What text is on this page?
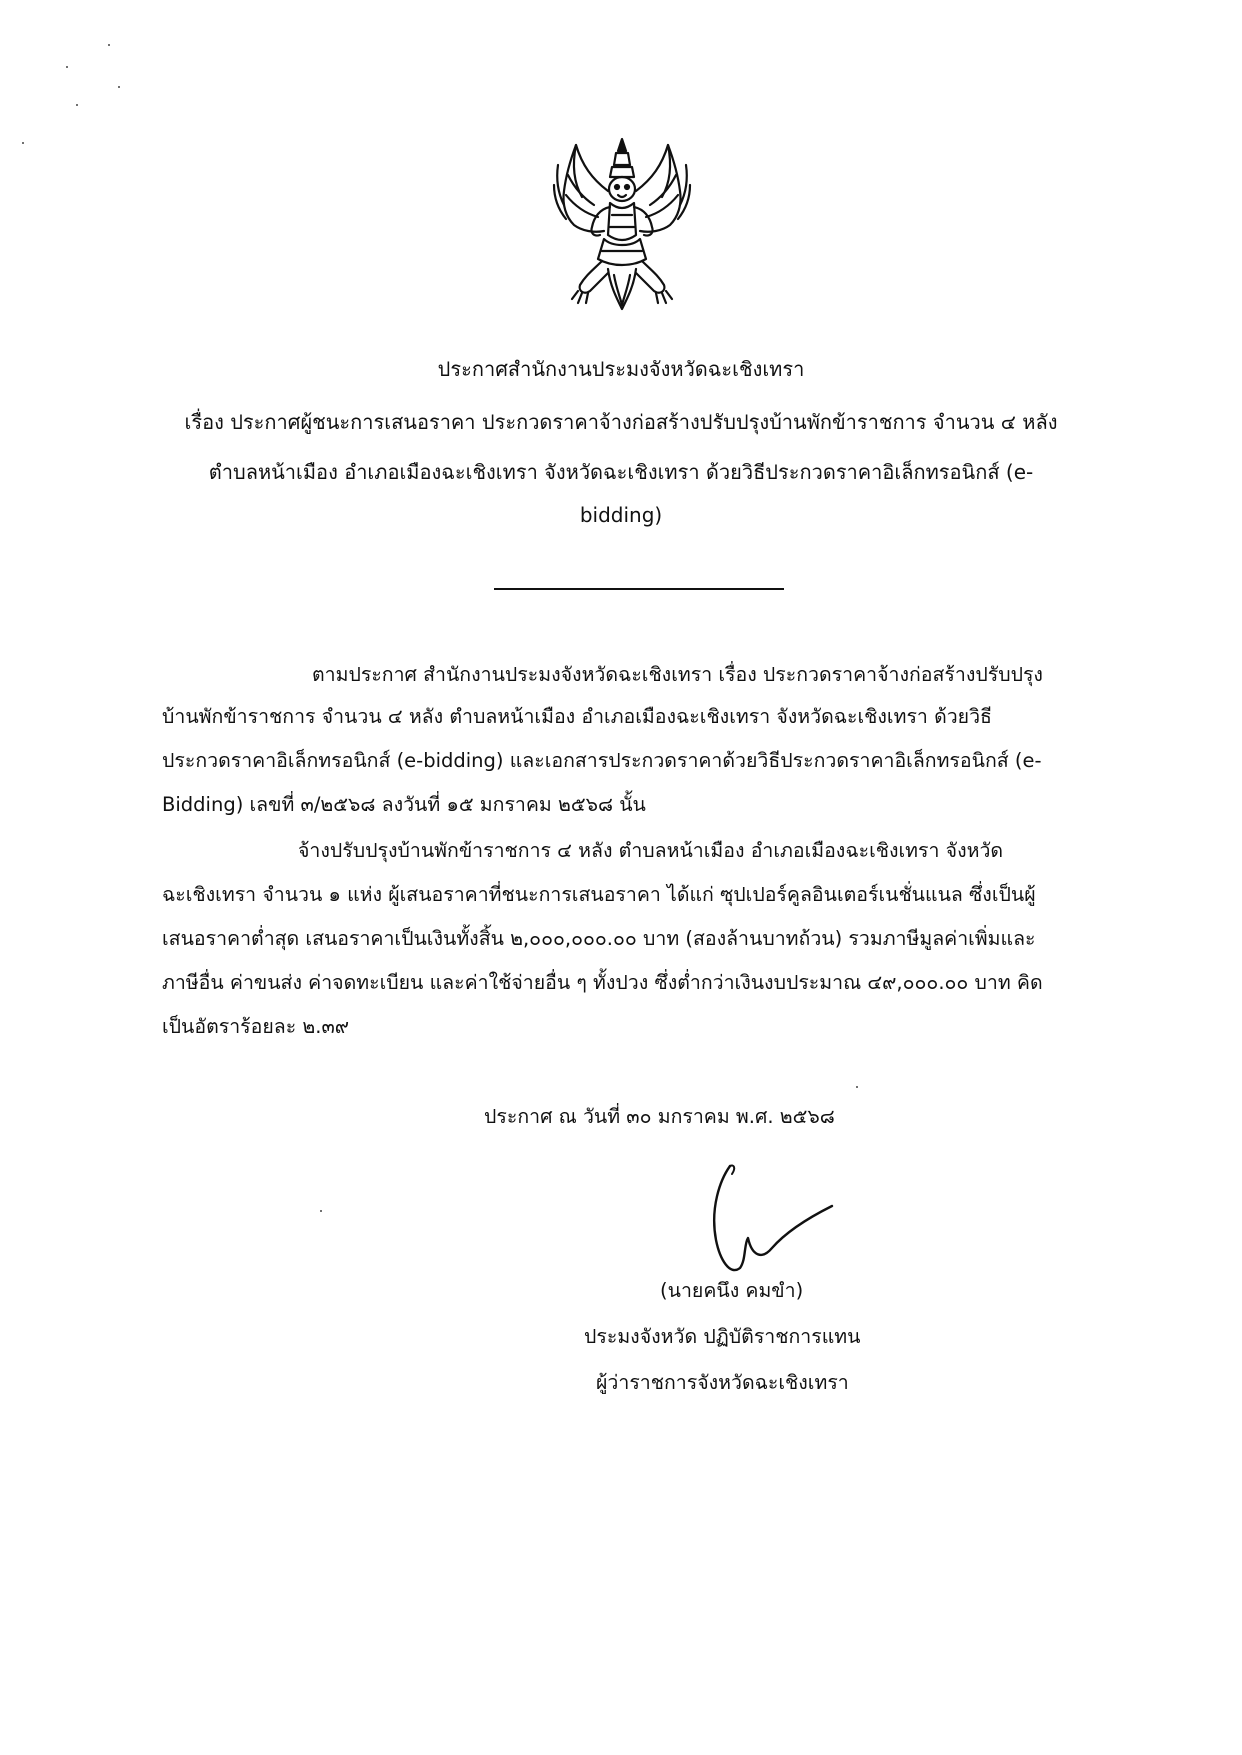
ประกาศสำนักงานประมงจังหวัดฉะเชิงเทรา
เรื่อง ประกาศผู้ชนะการเสนอราคา ประกวดราคาจ้างก่อสร้างปรับปรุงบ้านพักข้าราชการ จำนวน ๔ หลัง
ตำบลหน้าเมือง อำเภอเมืองฉะเชิงเทรา จังหวัดฉะเชิงเทรา ด้วยวิธีประกวดราคาอิเล็กทรอนิกส์ (e-
bidding)
ตามประกาศ สำนักงานประมงจังหวัดฉะเชิงเทรา เรื่อง ประกวดราคาจ้างก่อสร้างปรับปรุง
บ้านพักข้าราชการ จำนวน ๔ หลัง ตำบลหน้าเมือง อำเภอเมืองฉะเชิงเทรา จังหวัดฉะเชิงเทรา ด้วยวิธี
ประกวดราคาอิเล็กทรอนิกส์ (e-bidding) และเอกสารประกวดราคาด้วยวิธีประกวดราคาอิเล็กทรอนิกส์ (e-
Bidding) เลขที่ ๓/๒๕๖๘ ลงวันที่ ๑๕ มกราคม ๒๕๖๘ นั้น
จ้างปรับปรุงบ้านพักข้าราชการ ๔ หลัง ตำบลหน้าเมือง อำเภอเมืองฉะเชิงเทรา จังหวัด
ฉะเชิงเทรา จำนวน ๑ แห่ง ผู้เสนอราคาที่ชนะการเสนอราคา ได้แก่ ซุปเปอร์คูลอินเตอร์เนชั่นแนล ซึ่งเป็นผู้
เสนอราคาต่ำสุด เสนอราคาเป็นเงินทั้งสิ้น ๒,๐๐๐,๐๐๐.๐๐ บาท (สองล้านบาทถ้วน) รวมภาษีมูลค่าเพิ่มและ
ภาษีอื่น ค่าขนส่ง ค่าจดทะเบียน และค่าใช้จ่ายอื่น ๆ ทั้งปวง ซึ่งต่ำกว่าเงินงบประมาณ ๔๙,๐๐๐.๐๐ บาท คิด
เป็นอัตราร้อยละ ๒.๓๙
ประกาศ ณ วันที่ ๓๐ มกราคม พ.ศ. ๒๕๖๘
(นายคนึง คมขำ)
ประมงจังหวัด ปฏิบัติราชการแทน
ผู้ว่าราชการจังหวัดฉะเชิงเทรา
